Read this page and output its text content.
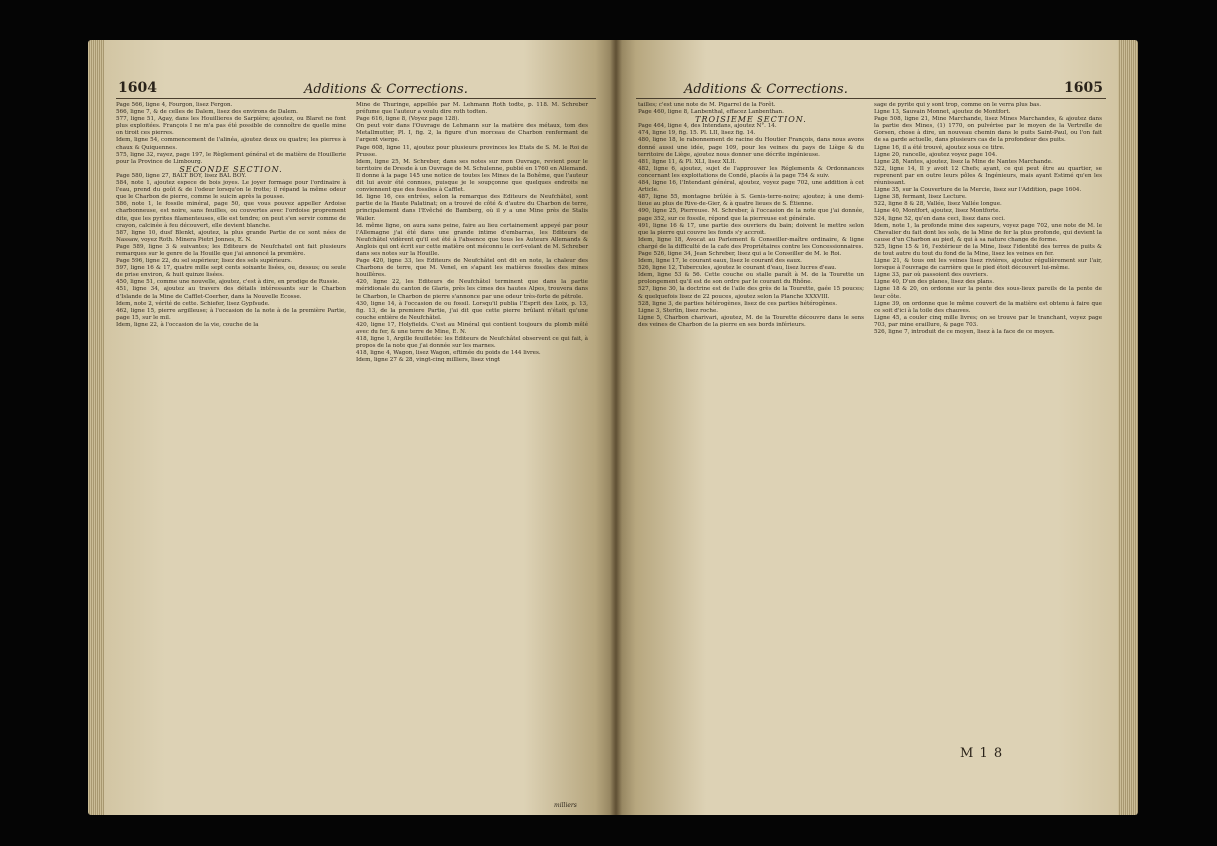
1604	Additions & Corrections.

Page 566, ligne 4, Fourgon, lisez Fergon.

566, ligne 7, & de celles de Dalem, lisez des environs de Dalem.

577, ligne 51, Agay, dans les Houillieres de Sarpière; ajoutez, ou Blaret ne font plus exploitées. François I ne m'a pas été possible de connoître de quelle mine on tiroit ces pierres.

Idem, ligne 54, commencement de l'alinéa, ajoutez deux ou quatre; les pierres à chaux & Quiquennes.

575, ligne 32, rayez, page 197, le Règlement général et de matière de Houillerie pour la Province de Limbourg.

SECONDE SECTION.

Page 580, ligne 27, BALT BOY, lisez BAL BOY.

584, note 1, ajoutez espece de bois joyes. Le joyer formage pour l'ordinaire à l'eau, prend du goût & de l'odeur lorsqu'on le frotte; il répand la même odeur que le Charbon de pierre, comme le suicin après la pousse.

586, note 1, le fossile minéral, page 50, que vous pouvez appeller Ardoise charbonneuse, est noire, sans feuilles, ou couvertes avec l'ordoise proprement dite, que les pyrites filamenteuses, elle est tendre; on peut s'en servir comme de crayon, calcinée à feu découvert, elle devient blanche.

587, ligne 10, dusf Blenkt, ajoutez, la plus grande Partie de ce sont nées de Nassaw, voyez Roth. Minera Pietri Jonnes, E. N.

Page 589, ligne 3 & suivantes; les Editeurs de Neufchatel ont fait plusieurs remarques sur le genre de la Houille que j'ai annoncé la première.

Page 596, ligne 22, du sel supérieur, lisez des sels supérieurs.

597, ligne 16 & 17, quatre mille sept cents soixante lisées, ou, dessus; ou seule de prise environ, & huit quinze lisées.

450, ligne 51, comme une nouvelle, ajoutez, c'est à dire, en prodige de Russie.

451, ligne 34, ajoutez au travers des détails intéressants sur le Charbon d'Islande de la Mine de Cafflet-Coerher, dans la Nouvelle Ecosse.

Idem, note 2, vérité de cette. Schiefer, lisez Gypfsude.

462, ligne 15, pierre argilleuse; à l'occasion de la note à de la première Partie, page 15, sur le mil.

Idem, ligne 22, à l'occasion de la vie, couche de la

Mine de Thuringe, appellée par M. Lehmann Roth todte, p. 118. M. Schreber préfume que l'auteur a voulu dire roth todten.

Page 616, ligne 8, (Voyez page 128).

On peut voir dans l'Ouvrage de Lehmann sur la matière des métaux, tom des Metallmutter, Pl. I, fig. 2, la figure d'un morceau de Charbon renfermant de l'argent vierge.

Page 608, ligne 11, ajoutez pour plusieurs provinces les Etats de S. M. le Roi de Prusse.

Idem, ligne 25, M. Schreber, dans ses notes sur mon Ouvrage, revient pour le territoire de Dresde à un Ouvrage de M. Schulenne, publié en 1760 en Allemand.

Il donne à la page 145 une notice de toutes les Mines de la Bohême, que l'auteur dit lui avoir été connues, puisque je le soupçonne que quelques endroits ne conviennent que des fossiles à Cafflet.

Id. ligne 16, ces entrées, selon la remarque des Editeurs de Neufchâtel, sont partie de la Haute Palatinat; on a trouvé de côté & d'autre du Charbon de terre, principalement dans l'Evêché de Bamberg, où il y a une Mine près de Stalis Wailer.

Id. même ligne, on aura sans peine, faire au lieu certainement appeyé par pour l'Allemagne j'ai été dans une grande intime d'embarras, les Editeurs de Neufchâtel vidèrent qu'il est été à l'absence que tous les Auteurs Allemands & Anglois qui ont écrit sur cette matière ont méconnu le cerf-volant de M. Schreber dans ses notes sur la Houille.

Page 420, ligne 33, les Editeurs de Neufchâtel ont dit en note, la chaleur des Charbons de terre, que M. Venel, en s'apant les matières fossiles des mines houillères.

420, ligne 22, les Editeurs de Neufchâtel terminent que dans la partie méridionale du canton de Glaris, près les cimes des hautes Alpes, trouvera dans le Charbon, le Charbon de pierre s'annonce par une odeur très-forte de pétrole.

430, ligne 14, à l'occasion de ou fossil. Lorsqu'il publia l'Esprit des Loix, p. 13, fig. 13, de la premiere Partie, j'ai dit que cette pierre brûlant n'était qu'une couche entière de Neufchâtel.

420, ligne 17, Holyfields. C'est au Minéral qui contient toujours du plomb mêlé avec du fer, & une terre de Mine, E. N.

418, ligne 1, Argille feuilletée: les Editeurs de Neufchâtel observent ce qui fait, à propos de la note que j'ai donnée sur les marnes.

418, ligne 4, Wagon, lisez Wagon, eftimée du poids de 144 livres.

Idem, ligne 27 & 28, vingt-cinq milliers, lisez vingt

milliers
Additions & Corrections.	1605

tailles; c'est une note de M. Pigarrel de la Forêt.

Page 460, ligne 8, Lanbenthal, effacez Lanbenthan.

TROISIEME SECTION.

Page 464, ligne 4, des Intendans, ajoutez N°. 14.

474, ligne 19, fig. 15. Pl. LII, lisez fig. 14.

480, ligne 18, le rabonnement de racine du Houtier François, dans nous avons donné aussi une idée, page 109, pour les veines du pays de Liège & du territoire de Liège, ajoutez nous donner une décrite ingénieuse.

481, ligne 11, & Pl. XLI, lisez XLII.

482, ligne 6, ajoutez, sujet de l'approuver les Réglements & Ordonnances concernant les exploitations de Condé, placés à la page 754 & suiv.

484, ligne 16, l'Intendant général, ajoutez, voyez page 702, une addition à cet Article.

487, ligne 55, montagne brûlée à S. Genis-terre-noire; ajoutez; à une demi-lieue au plus de Rive-de-Gier, & à quatre lieues de S. Étienne.

490, ligne 25, Pierreuse. M. Schreber, à l'occasion de la note que j'ai donnée, page 352, sur ce fossile, répond que la pierreuse est générale.

491, ligne 16 & 17, une partie des ouvriers du bain; doivent le mettre selon que la pierre qui couvre les fonds s'y accroit.

Idem, ligne 18, Avocat au Parlement & Conseiller-maître ordinaire, & ligne chargé de la difficulté de la cafe des Propriétaires contre les Concessionnaires.

Page 526, ligne 34, Jean Schreber, lisez qui a le Conseiller de M. le Roi.

Idem, ligne 17, le courant eaux, lisez le courant des eaux.

526, ligne 12, Tubercules, ajoutez le courant d'eau, lisez lucres d'eau.

Idem, ligne 53 & 56. Cette couche ou stalle paraît à M. de la Tourette un prolongement qu'il est de son ordre par le courant du Rhône.

527, ligne 30, la doctrine est de l'aile des grès de la Tourette, gaée 15 pouces; & quelquefois lisez de 22 pouces, ajoutez selon la Planche XXXVIII.

528, ligne 3, de parties hétérogènes, lisez de ces parties hétérogènes.

Ligne 3, Sterlin, lisez roche.

Ligne 5, Charbon charivari, ajoutez, M. de la Tourette découvre dans le sens des veines de Charbon de la pierre en ses bords inférieurs.

sage de pyrite qui y sont trop, comme on le verra plus bas.

Ligne 13, Sauvain Monnet, ajoutez de Montfort.

Page 508, ligne 21, Mine Marchande, lisez Mines Marchandes, & ajoutez dans la partie des Mines, (1) 1770, on pulvérise par le moyen de la Vertrelle de Gorsen, chose à dire, un nouveau chemin dans le puits Saint-Paul, ou l'on fait de sa garde actuelle, dans plusieurs cas de la profondeur des puits.

Ligne 16, il a été trouvé, ajoutez sous ce titre.

Ligne 20, rancelle, ajoutez voyez page 104.

Ligne 28, Nantes, ajoutez, lisez la Mine de Nantes Marchande.

522, ligne 14, Il y avoit 12 Chefs; ayant, ce qui peut être au quartier, se reprenent par en outre leurs pôles & Ingénieurs, mais ayant Estimé qu'en les réunissant.

Ligne 35, sur la Couverture de la Mercie, lisez sur l'Addition, page 1604.

Ligne 38, fermant, lisez Lecture.

522, ligne 8 & 28, Vallée, lisez Vallée longue.

Ligne 40, Montfort, ajoutez, lisez Montforte.

524, ligne 52, qu'en dans ceci, lisez dans ceci.

Idem, note 1, la profonde mine des sapeurs, voyez page 702, une note de M. le Chevalier du fait dont les sols, de la Mine de fer la plus profonde, qui devient la cause d'un Charbon au pied, & qui à sa nature change de forme.

525, ligne 15 & 16, l'extérieur de la Mine, lisez l'identité des terres de puits & de tout autre du tout du fond de la Mine, lisez les veines en fer.

Ligne 21, & tous ont les veines lisez rivières, ajoutez régulièrement sur l'air, lorsque à l'ouvrage de carrière que le pied étoit découvert lui-même.

Ligne 33, par où passoient des ouvriers.

Ligne 40, D'un des planes, lisez des plans.

Ligne 18 & 20, on ordonne sur la pente des sous-lieux pareils de la pente de leur côte.

Ligne 39, on ordonne que le même couvert de la matière est obtenu à faire que ce soit d'ici à la toile des chauves.

Ligne 45, a couler cinq mille livres; on se trouve par le tranchant, voyez page 703, par mine eraillure, & page 703.

526, ligne 7, introduit de ce moyen, lisez à la face de ce moyen.

M 1 8
